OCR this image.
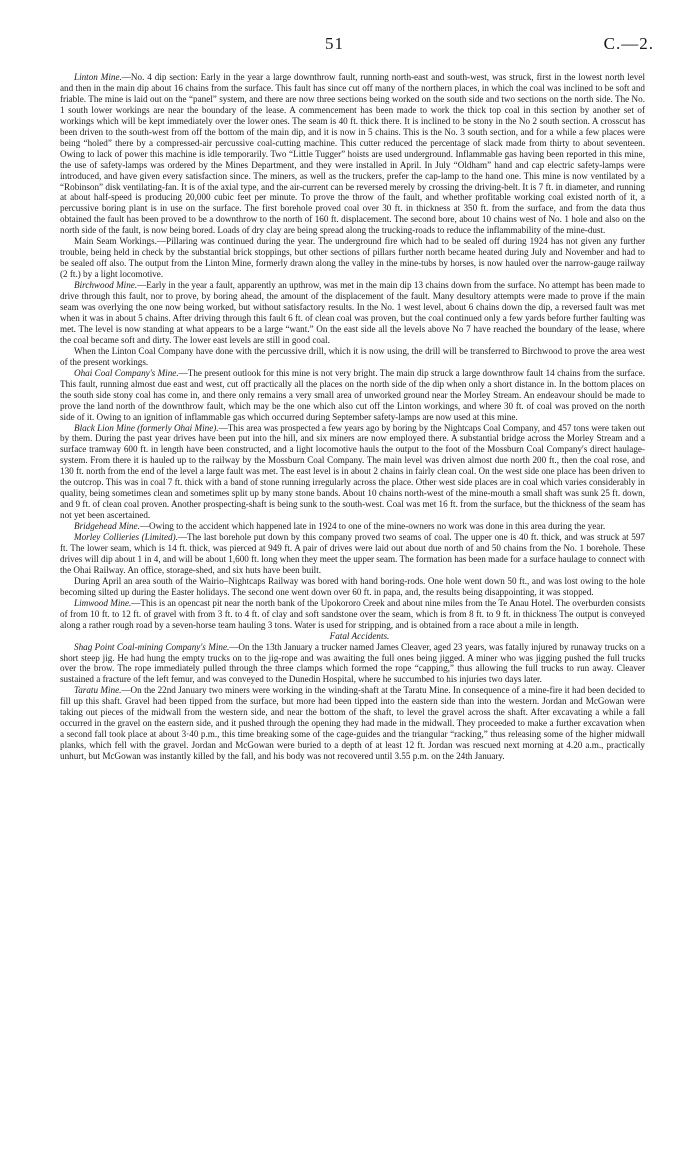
51	C.—2.

Linton Mine.—No. 4 dip section: Early in the year a large downthrow fault, running north-east and south-west, was struck, first in the lowest north level and then in the main dip about 16 chains from the surface. This fault has since cut off many of the northern places, in which the coal was inclined to be soft and friable. The mine is laid out on the “panel” system, and there are now three sections being worked on the south side and two sections on the north side. The No. 1 south lower workings are near the boundary of the lease. A commencement has been made to work the thick top coal in this section by another set of workings which will be kept immediately over the lower ones. The seam is 40 ft. thick there. It is inclined to be stony in the No 2 south section. A crosscut has been driven to the south-west from off the bottom of the main dip, and it is now in 5 chains. This is the No. 3 south section, and for a while a few places were being “holed” there by a compressed-air percussive coal-cutting machine. This cutter reduced the percentage of slack made from thirty to about seventeen. Owing to lack of power this machine is idle temporarily. Two “Little Tugger” hoists are used underground. Inflammable gas having been reported in this mine, the use of safety-lamps was ordered by the Mines Department, and they were installed in April. In July “Oldham” hand and cap electric safety-lamps were introduced, and have given every satisfaction since. The miners, as well as the truckers, prefer the cap-lamp to the hand one. This mine is now ventilated by a “Robinson” disk ventilating-fan. It is of the axial type, and the air-current can be reversed merely by crossing the driving-belt. It is 7 ft. in diameter, and running at about half-speed is producing 20,000 cubic feet per minute. To prove the throw of the fault, and whether profitable working coal existed north of it, a percussive boring plant is in use on the surface. The first borehole proved coal over 30 ft. in thickness at 350 ft. from the surface, and from the data thus obtained the fault has been proved to be a downthrow to the north of 160 ft. displacement. The second bore, about 10 chains west of No. 1 hole and also on the north side of the fault, is now being bored. Loads of dry clay are being spread along the trucking-roads to reduce the inflammability of the mine-dust.

Main Seam Workings.—Pillaring was continued during the year. The underground fire which had to be sealed off during 1924 has not given any further trouble, being held in check by the substantial brick stoppings, but other sections of pillars further north became heated during July and November and had to be sealed off also. The output from the Linton Mine, formerly drawn along the valley in the mine-tubs by horses, is now hauled over the narrow-gauge railway (2 ft.) by a light locomotive.

Birchwood Mine.—Early in the year a fault, apparently an upthrow, was met in the main dip 13 chains down from the surface. No attempt has been made to drive through this fault, nor to prove, by boring ahead, the amount of the displacement of the fault. Many desultory attempts were made to prove if the main seam was overlying the one now being worked, but without satisfactory results. In the No. 1 west level, about 6 chains down the dip, a reversed fault was met when it was in about 5 chains. After driving through this fault 6 ft. of clean coal was proven, but the coal continued only a few yards before further faulting was met. The level is now standing at what appears to be a large “want.” On the east side all the levels above No 7 have reached the boundary of the lease, where the coal became soft and dirty. The lower east levels are still in good coal.

When the Linton Coal Company have done with the percussive drill, which it is now using, the drill will be transferred to Birchwood to prove the area west of the present workings.

Ohai Coal Company's Mine.—The present outlook for this mine is not very bright. The main dip struck a large downthrow fault 14 chains from the surface. This fault, running almost due east and west, cut off practically all the places on the north side of the dip when only a short distance in. In the bottom places on the south side stony coal has come in, and there only remains a very small area of unworked ground near the Morley Stream. An endeavour should be made to prove the land north of the downthrow fault, which may be the one which also cut off the Linton workings, and where 30 ft. of coal was proved on the north side of it. Owing to an ignition of inflammable gas which occurred during September safety-lamps are now used at this mine.

Black Lion Mine (formerly Ohai Mine).—This area was prospected a few years ago by boring by the Nightcaps Coal Company, and 457 tons were taken out by them. During the past year drives have been put into the hill, and six miners are now employed there. A substantial bridge across the Morley Stream and a surface tramway 600 ft. in length have been constructed, and a light locomotive hauls the output to the foot of the Mossburn Coal Company's direct haulage-system. From there it is hauled up to the railway by the Mossburn Coal Company. The main level was driven almost due north 200 ft., then the coal rose, and 130 ft. north from the end of the level a large fault was met. The east level is in about 2 chains in fairly clean coal. On the west side one place has been driven to the outcrop. This was in coal 7 ft. thick with a band of stone running irregularly across the place. Other west side places are in coal which varies considerably in quality, being sometimes clean and sometimes split up by many stone bands. About 10 chains north-west of the mine-mouth a small shaft was sunk 25 ft. down, and 9 ft. of clean coal proven. Another prospecting-shaft is being sunk to the south-west. Coal was met 16 ft. from the surface, but the thickness of the seam has not yet been ascertained.

Bridgehead Mine.—Owing to the accident which happened late in 1924 to one of the mine-owners no work was done in this area during the year.

Morley Collieries (Limited).—The last borehole put down by this company proved two seams of coal. The upper one is 40 ft. thick, and was struck at 597 ft. The lower seam, which is 14 ft. thick, was pierced at 949 ft. A pair of drives were laid out about due north of and 50 chains from the No. 1 borehole. These drives will dip about 1 in 4, and will be about 1,600 ft. long when they meet the upper seam. The formation has been made for a surface haulage to connect with the Ohai Railway. An office, storage-shed, and six huts have been built.

During April an area south of the Wairio–Nightcaps Railway was bored with hand boring-rods. One hole went down 50 ft., and was lost owing to the hole becoming silted up during the Easter holidays. The second one went down over 60 ft. in papa, and, the results being disappointing, it was stopped.

Limwood Mine.—This is an opencast pit near the north bank of the Upokororo Creek and about nine miles from the Te Anau Hotel. The overburden consists of from 10 ft. to 12 ft. of gravel with from 3 ft. to 4 ft. of clay and soft sandstone over the seam, which is from 8 ft. to 9 ft. in thickness The output is conveyed along a rather rough road by a seven-horse team hauling 3 tons. Water is used for stripping, and is obtained from a race about a mile in length.

Fatal Accidents.

Shag Point Coal-mining Company's Mine.—On the 13th January a trucker named James Cleaver, aged 23 years, was fatally injured by runaway trucks on a short steep jig. He had hung the empty trucks on to the jig-rope and was awaiting the full ones being jigged. A miner who was jigging pushed the full trucks over the brow. The rope immediately pulled through the three clamps which formed the rope “capping,” thus allowing the full trucks to run away. Cleaver sustained a fracture of the left femur, and was conveyed to the Dunedin Hospital, where he succumbed to his injuries two days later.

Taratu Mine.—On the 22nd January two miners were working in the winding-shaft at the Taratu Mine. In consequence of a mine-fire it had been decided to fill up this shaft. Gravel had been tipped from the surface, but more had been tipped into the eastern side than into the western. Jordan and McGowan were taking out pieces of the midwall from the western side, and near the bottom of the shaft, to level the gravel across the shaft. After excavating a while a fall occurred in the gravel on the eastern side, and it pushed through the opening they had made in the midwall. They proceeded to make a further excavation when a second fall took place at about 3·40 p.m., this time breaking some of the cage-guides and the triangular “racking,” thus releasing some of the higher midwall planks, which fell with the gravel. Jordan and McGowan were buried to a depth of at least 12 ft. Jordan was rescued next morning at 4.20 a.m., practically unhurt, but McGowan was instantly killed by the fall, and his body was not recovered until 3.55 p.m. on the 24th January.
